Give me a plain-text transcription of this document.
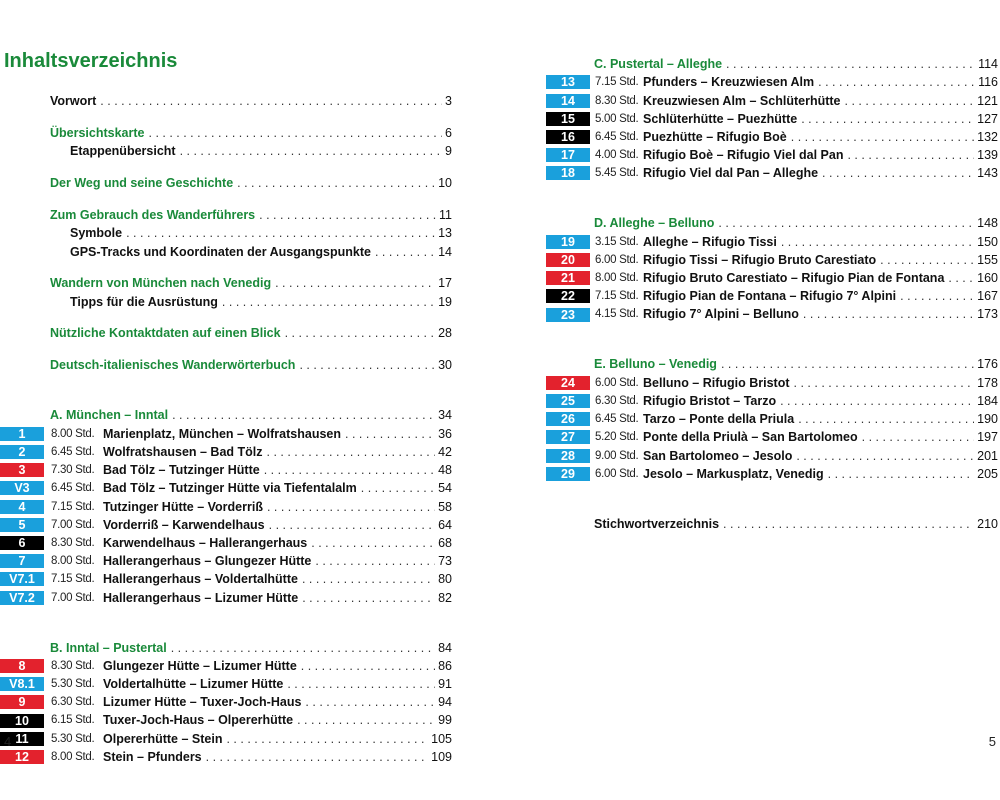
Inhaltsverzeichnis
Vorwort . . .	3
Übersichtskarte . . .	6
Etappenübersicht . . .	9
Der Weg und seine Geschichte . . .	10
Zum Gebrauch des Wanderführers . . .	11
Symbole . . .	13
GPS-Tracks und Koordinaten der Ausgangspunkte . . .	14
Wandern von München nach Venedig . . .	17
Tipps für die Ausrüstung . . .	19
Nützliche Kontaktdaten auf einen Blick . . .	28
Deutsch-italienisches Wanderwörterbuch . . .	30
A. München – Inntal . . .	34
1	8.00 Std. Marienplatz, München – Wolfratshausen . . .	36
2	6.45 Std. Wolfratshausen – Bad Tölz . . .	42
3	7.30 Std. Bad Tölz – Tutzinger Hütte . . .	48
V3	6.45 Std. Bad Tölz – Tutzinger Hütte via Tiefentalalm . . .	54
4	7.15 Std. Tutzinger Hütte – Vorderriß . . .	58
5	7.00 Std. Vorderriß – Karwendelhaus . . .	64
6	8.30 Std. Karwendelhaus – Hallerangerhaus . . .	68
7	8.00 Std. Hallerangerhaus – Glungezer Hütte . . .	73
V7.1	7.15 Std. Hallerangerhaus – Voldertalhütte . . .	80
V7.2	7.00 Std. Hallerangerhaus – Lizumer Hütte . . .	82
B. Inntal – Pustertal . . .	84
8	8.30 Std. Glungezer Hütte – Lizumer Hütte . . .	86
V8.1	5.30 Std. Voldertalhütte – Lizumer Hütte . . .	91
9	6.30 Std. Lizumer Hütte – Tuxer-Joch-Haus . . .	94
10	6.15 Std. Tuxer-Joch-Haus – Olpererhütte . . .	99
11	5.30 Std. Olpererhütte – Stein . . .	105
12	8.00 Std. Stein – Pfunders . . .	109
C. Pustertal – Alleghe . . .	114
13	7.15 Std. Pfunders – Kreuzwiesen Alm . . .	116
14	8.30 Std. Kreuzwiesen Alm – Schlüterhütte . . .	121
15	5.00 Std. Schlüterhütte – Puezhütte . . .	127
16	6.45 Std. Puezhütte – Rifugio Boè . . .	132
17	4.00 Std. Rifugio Boè – Rifugio Viel dal Pan . . .	139
18	5.45 Std. Rifugio Viel dal Pan – Alleghe . . .	143
D. Alleghe – Belluno . . .	148
19	3.15 Std. Alleghe – Rifugio Tissi . . .	150
20	6.00 Std. Rifugio Tissi – Rifugio Bruto Carestiato . . .	155
21	8.00 Std. Rifugio Bruto Carestiato – Rifugio Pian de Fontana . . .	160
22	7.15 Std. Rifugio Pian de Fontana – Rifugio 7° Alpini . . .	167
23	4.15 Std. Rifugio 7° Alpini – Belluno . . .	173
E. Belluno – Venedig . . .	176
24	6.00 Std. Belluno – Rifugio Bristot . . .	178
25	6.30 Std. Rifugio Bristot – Tarzo . . .	184
26	6.45 Std. Tarzo – Ponte della Priula . . .	190
27	5.20 Std. Ponte della Priulà – San Bartolomeo . . .	197
28	9.00 Std. San Bartolomeo – Jesolo . . .	201
29	6.00 Std. Jesolo – Markusplatz, Venedig . . .	205
Stichwortverzeichnis . . .	210
4	5
